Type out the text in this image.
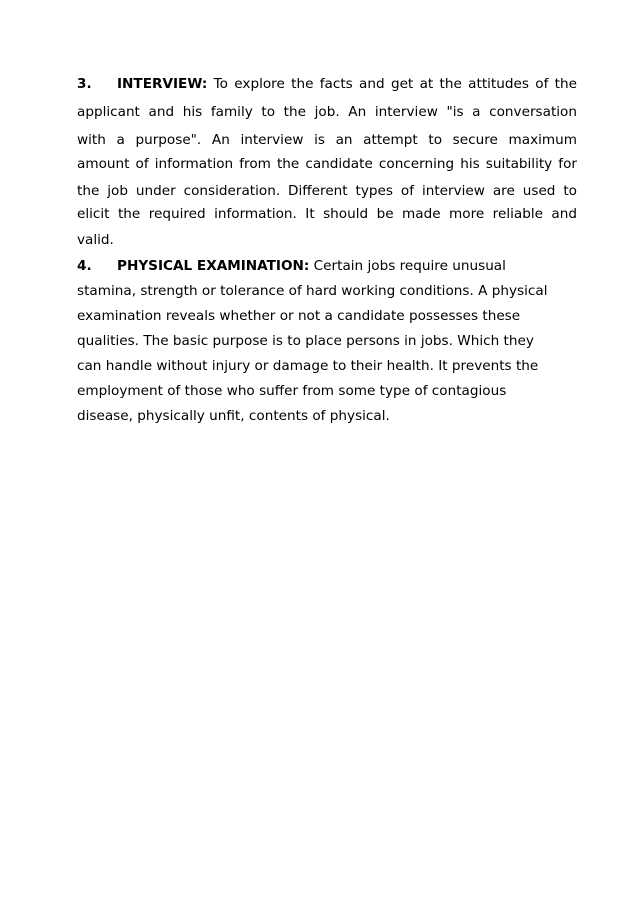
3. INTERVIEW: To explore the facts and get at the attitudes of the
applicant and his family to the job. An interview "is a conversation
with a purpose". An interview is an attempt to secure maximum
amount of information from the candidate concerning his suitability for
the job under consideration. Different types of interview are used to
elicit the required information. It should be made more reliable and
valid.
4. PHYSICAL EXAMINATION: Certain jobs require unusual
stamina, strength or tolerance of hard working conditions. A physical
examination reveals whether or not a candidate possesses these
qualities. The basic purpose is to place persons in jobs. Which they
can handle without injury or damage to their health. It prevents the
employment of those who suffer from some type of contagious
disease, physically unfit, contents of physical.
